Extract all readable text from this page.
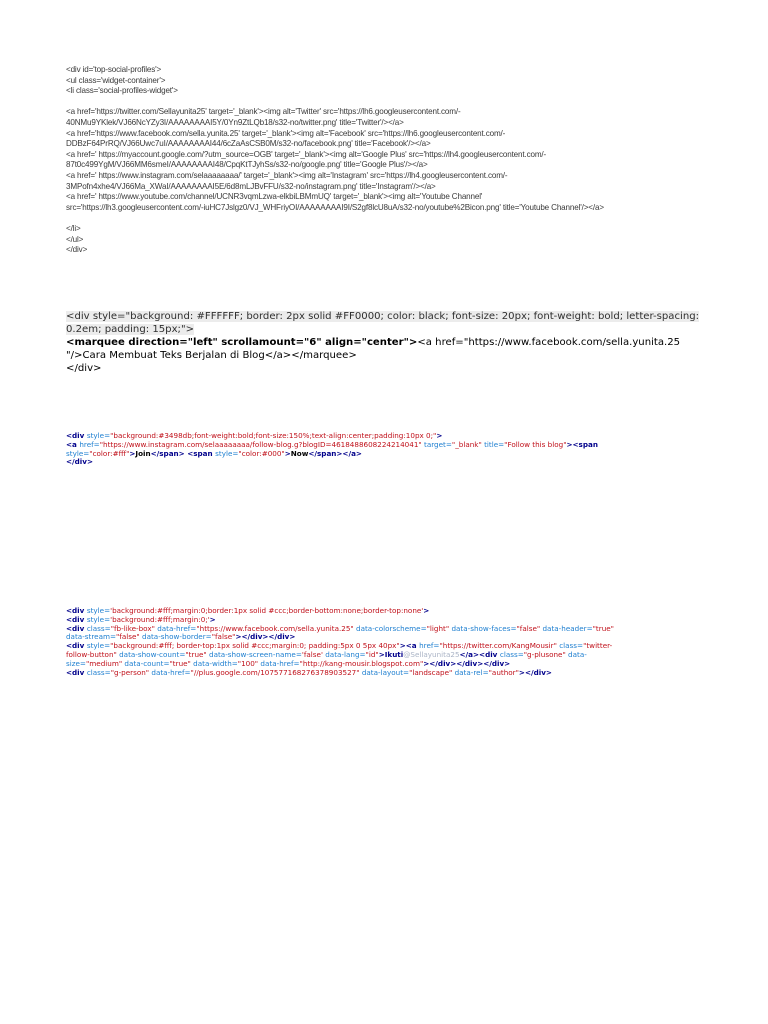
<div id='top-social-profiles'>
<ul class='widget-container'>
<li class='social-profiles-widget'>
<a href='https://twitter.com/Sellayunita25' target='_blank'><img alt='Twitter' src='https://lh6.googleusercontent.com/-
40NMu9YKlek/VJ66NcYZy3I/AAAAAAAAI5Y/0Yn9ZtLQb18/s32-no/twitter.png' title='Twitter'/></a>
<a href='https://www.facebook.com/sella.yunita.25' target='_blank'><img alt='Facebook' src='https://lh6.googleusercontent.com/-
DDBzF64PrRQ/VJ66Uwc7uI/AAAAAAAAI44/6cZaAsCSB0M/s32-no/facebook.png' title='Facebook'/></a>
<a href=' https://myaccount.google.com/?utm_source=OGB' target='_blank'><img alt='Google Plus' src='https://lh4.googleusercontent.com/-
87t0c499YgM/VJ66MM6smeI/AAAAAAAAI48/CpqKtTJyhSs/s32-no/google.png' title='Google Plus'/></a>
<a href=' https://www.instagram.com/selaaaaaaaa/' target='_blank'><img alt='Instagram' src='https://lh4.googleusercontent.com/-
3MPofn4xhe4/VJ66Ma_XWaI/AAAAAAAAI5E/6d8mLJBvFFU/s32-no/instagram.png' title='Instagram'/></a>
<a href=' https://www.youtube.com/channel/UCNR3vqmLzwa-elkbiLBMmUQ' target='_blank'><img alt='Youtube Channel'
src='https://lh3.googleusercontent.com/-iuHC7Jslgz0/VJ_WHFriyOI/AAAAAAAAI9I/S2gf8lcU8uA/s32-no/youtube%2Bicon.png' title='Youtube Channel'/></a>
</li>
</ul>
</div>
<div style="background: #FFFFFF; border: 2px solid #FF0000; color: black; font-size: 20px; font-weight: bold; letter-spacing:
0.2em; padding: 15px;">
<marquee direction="left" scrollamount="6" align="center"><a href="https://www.facebook.com/sella.yunita.25
"/>Cara Membuat Teks Berjalan di Blog</a></marquee>
</div>
<div style="background:#3498db;font-weight:bold;font-size:150%;text-align:center;padding:10px 0;">
<a href="https://www.instagram.com/selaaaaaaaa/follow-blog.g?blogID=4618488608224214041" target="_blank" title="Follow this blog"><span
style="color:#fff">Join</span> <span style="color:#000">Now</span></a>
</div>
<div style='background:#fff;margin:0;border:1px solid #ccc;border-bottom:none;border-top:none'>
<div style='background:#fff;margin:0;'>
<div class="fb-like-box" data-href="https://www.facebook.com/sella.yunita.25" data-colorscheme="light" data-show-faces="false" data-header="true"
data-stream="false" data-show-border="false"></div></div>
<div style="background:#fff; border-top:1px solid #ccc;margin:0; padding:5px 0 5px 40px"><a href="https://twitter.com/KangMousir" class="twitter-
follow-button" data-show-count="true" data-show-screen-name='false' data-lang="id">Ikuti@Sellayunita25</a><div class="g-plusone" data-
size="medium" data-count="true" data-width="100" data-href="http://kang-mousir.blogspot.com"></div></div></div>
<div class="g-person" data-href="//plus.google.com/107577168276378903527" data-layout="landscape" data-rel="author"></div>
